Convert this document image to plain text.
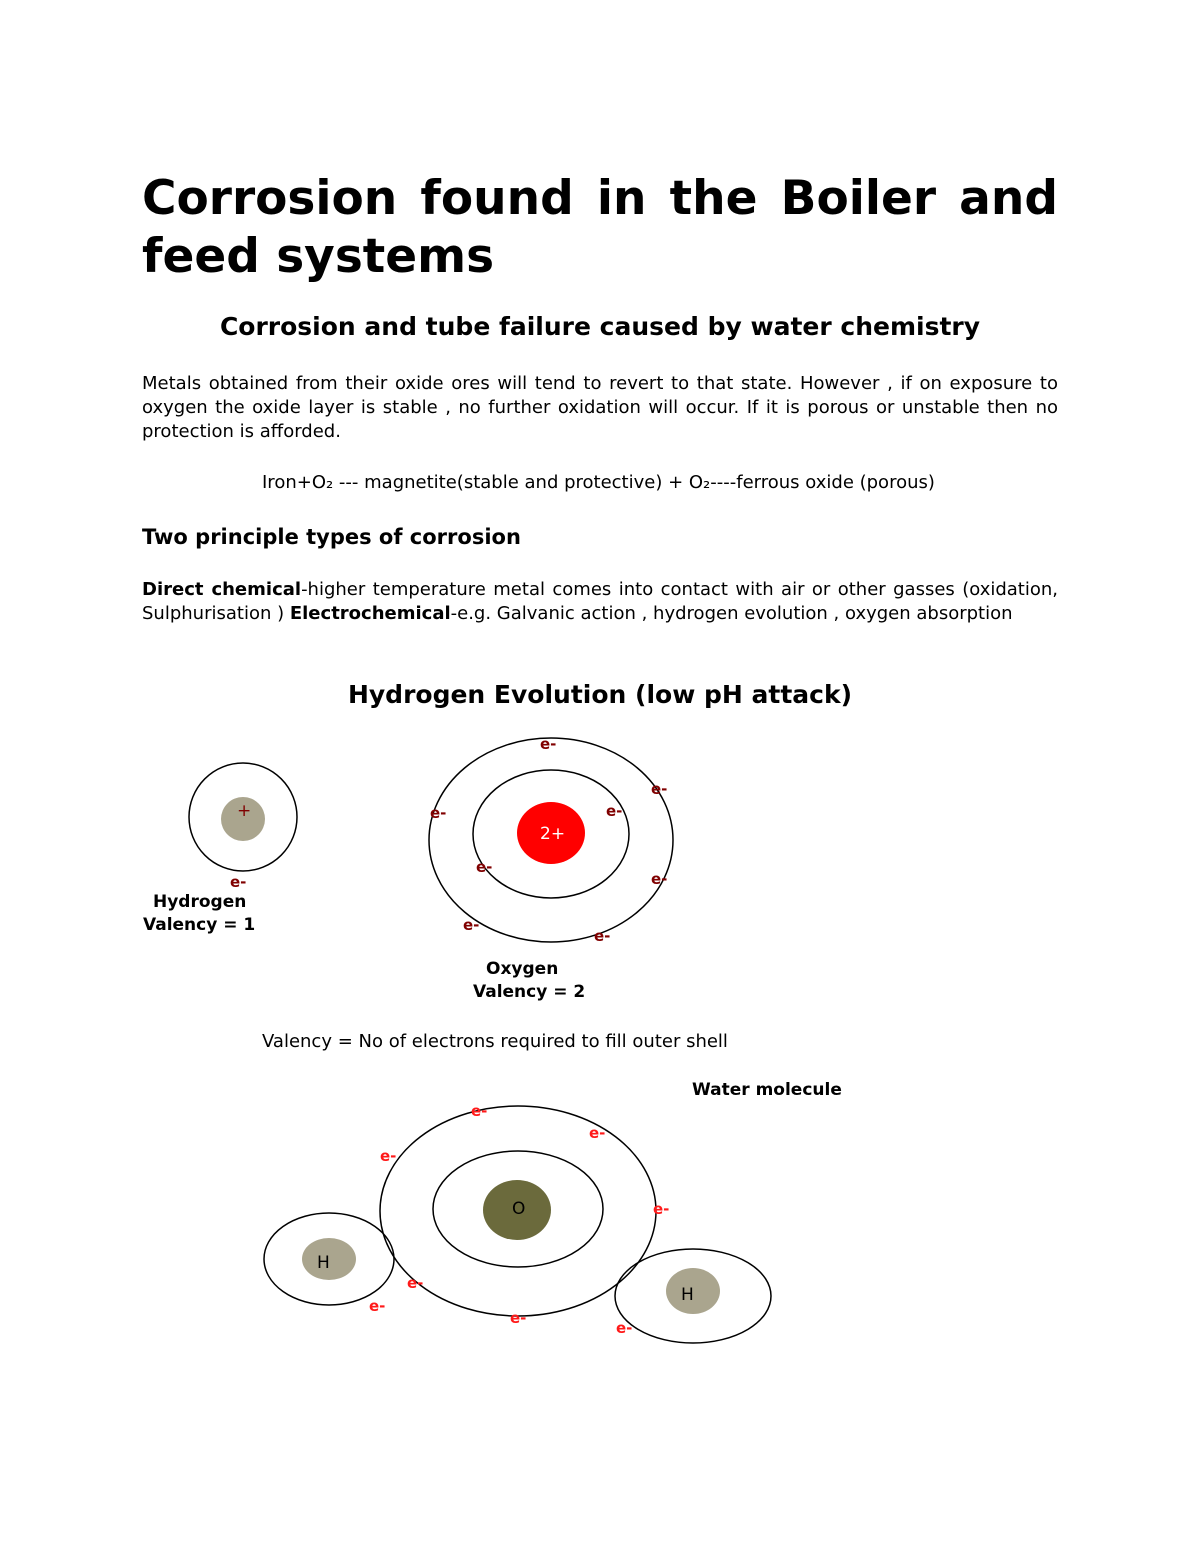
Corrosion found in the Boiler and feed systems
Corrosion and tube failure caused by water chemistry

Metals obtained from their oxide ores will tend to revert to that state. However , if on exposure to oxygen the oxide layer is stable , no further oxidation will occur. If it is porous or unstable then no protection is afforded.

Iron+O₂ --- magnetite(stable and protective) + O₂----ferrous oxide (porous)

Two principle types of corrosion

Direct chemical-higher temperature metal comes into contact with air or other gasses (oxidation, Sulphurisation ) Electrochemical-e.g. Galvanic action , hydrogen evolution , oxygen absorption

Hydrogen Evolution (low pH attack)

Valency = No of electrons required to fill outer shell

+
e-
Hydrogen
Valency = 1
2+
e-
e-
e-
e-
e-
e-
e-
e-
Oxygen
Valency = 2
Water molecule
O
H
H
e-
e-
e-
e-
e-
e-
e-
e-
